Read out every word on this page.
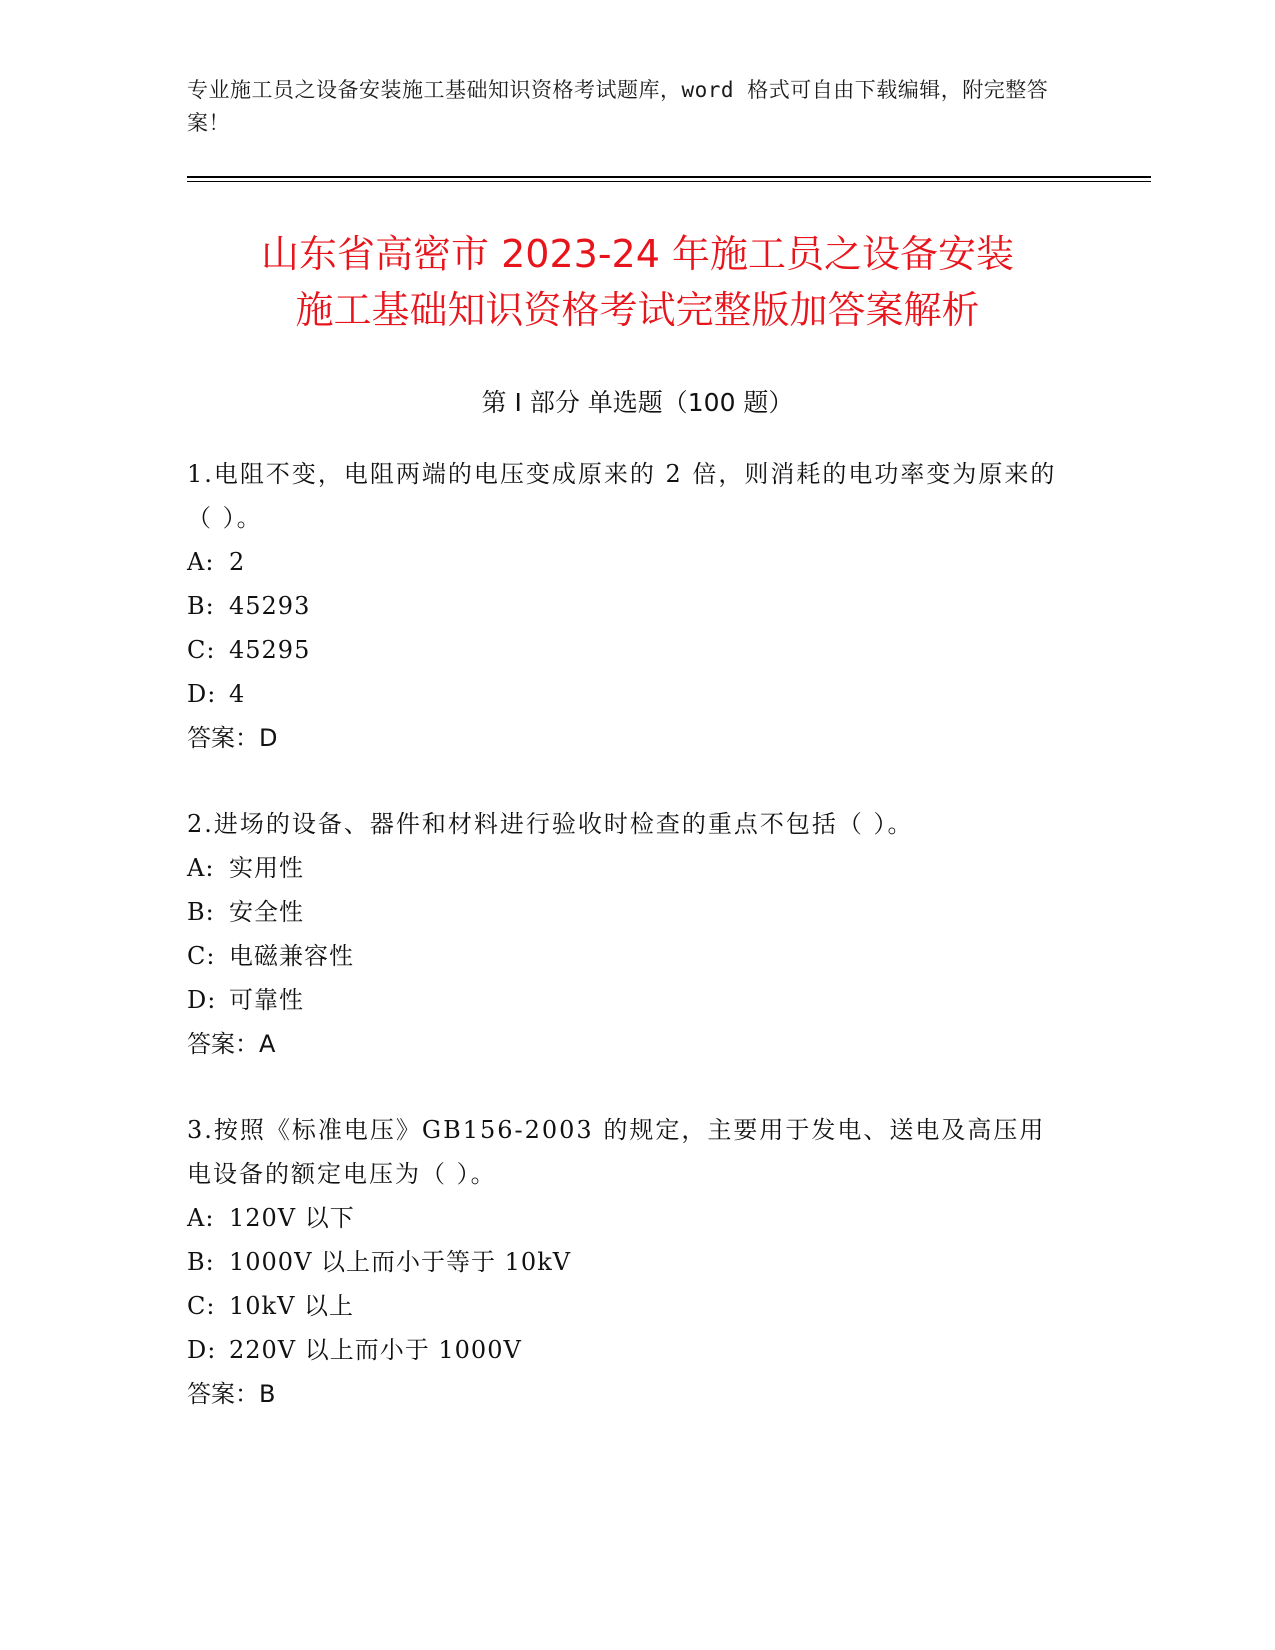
专业施工员之设备安装施工基础知识资格考试题库，word 格式可自由下载编辑，附完整答案！
山东省高密市 2023-24 年施工员之设备安装
施工基础知识资格考试完整版加答案解析
第 I 部分 单选题（100 题）

1.电阻不变，电阻两端的电压变成原来的 2 倍，则消耗的电功率变为原来的（ ）。

A: 2

B: 45293

C: 45295

D: 4

答案：D

2.进场的设备、器件和材料进行验收时检查的重点不包括（ ）。

A: 实用性

B: 安全性

C: 电磁兼容性

D: 可靠性

答案：A

3.按照《标准电压》GB156-2003 的规定，主要用于发电、送电及高压用电设备的额定电压为（ ）。

A: 120V 以下

B: 1000V 以上而小于等于 10kV

C: 10kV 以上

D: 220V 以上而小于 1000V

答案：B
